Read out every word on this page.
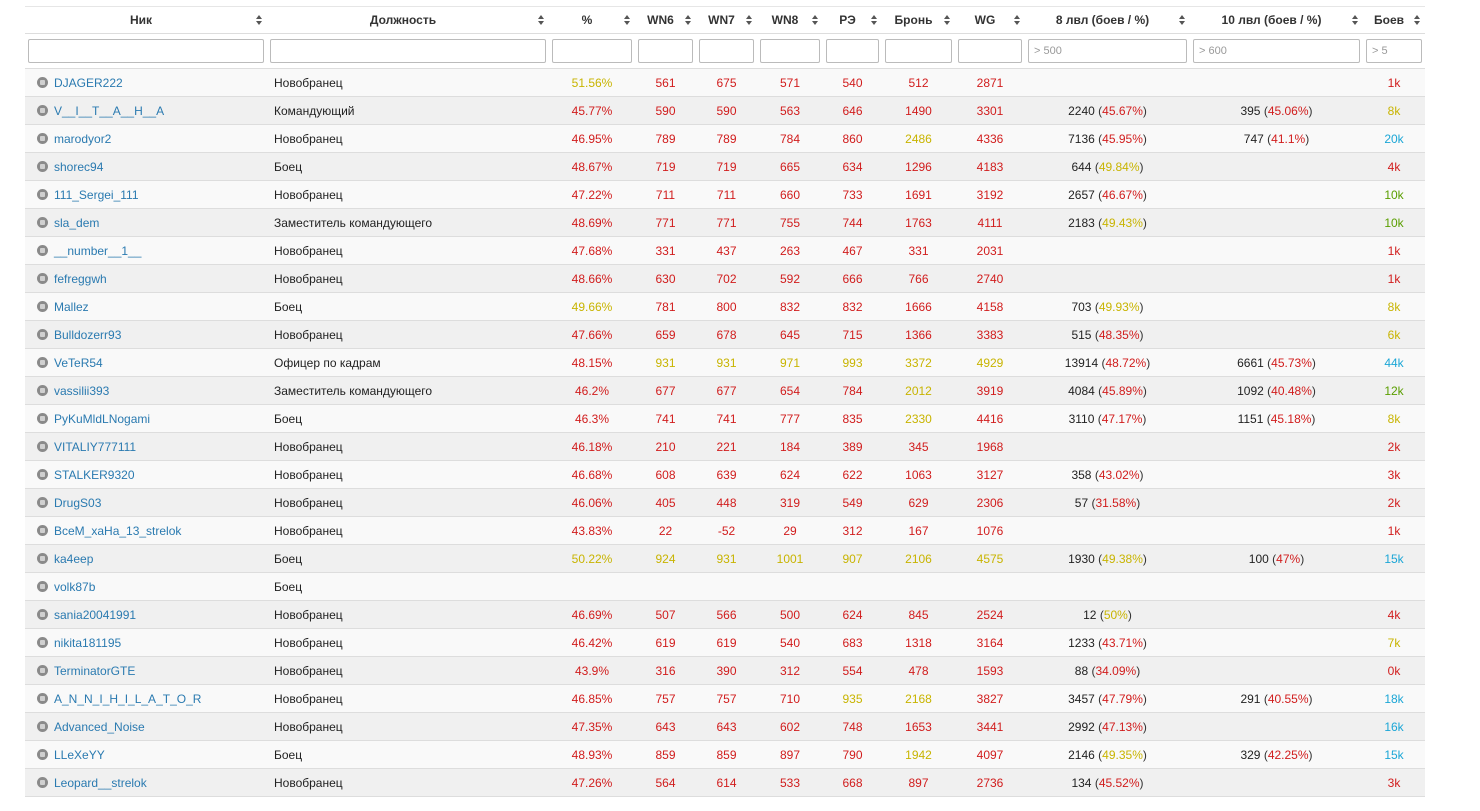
Ник	Должность	%	WN6	WN7	WN8	РЭ	Бронь	WG	8 лвл (боев / %)	10 лвл (боев / %)	Боев

									> 500	> 600	> 5
DJAGER222	Новобранец	51.56%	561	675	571	540	512	2871			1k
V__I__T__A__H__A	Командующий	45.77%	590	590	563	646	1490	3301	2240 (45.67%)	395 (45.06%)	8k
marodyor2	Новобранец	46.95%	789	789	784	860	2486	4336	7136 (45.95%)	747 (41.1%)	20k
shorec94	Боец	48.67%	719	719	665	634	1296	4183	644 (49.84%)		4k
111_Sergei_111	Новобранец	47.22%	711	711	660	733	1691	3192	2657 (46.67%)		10k
sla_dem	Заместитель командующего	48.69%	771	771	755	744	1763	4111	2183 (49.43%)		10k
__number__1__	Новобранец	47.68%	331	437	263	467	331	2031			1k
fefreggwh	Новобранец	48.66%	630	702	592	666	766	2740			1k
Mallez	Боец	49.66%	781	800	832	832	1666	4158	703 (49.93%)		8k
Bulldozerr93	Новобранец	47.66%	659	678	645	715	1366	3383	515 (48.35%)		6k
VeTeR54	Офицер по кадрам	48.15%	931	931	971	993	3372	4929	13914 (48.72%)	6661 (45.73%)	44k
vassilii393	Заместитель командующего	46.2%	677	677	654	784	2012	3919	4084 (45.89%)	1092 (40.48%)	12k
PyKuMldLNogami	Боец	46.3%	741	741	777	835	2330	4416	3110 (47.17%)	1151 (45.18%)	8k
VITALIY777111	Новобранец	46.18%	210	221	184	389	345	1968			2k
STALKER9320	Новобранец	46.68%	608	639	624	622	1063	3127	358 (43.02%)		3k
DrugS03	Новобранец	46.06%	405	448	319	549	629	2306	57 (31.58%)		2k
BceM_xaHa_13_strelok	Новобранец	43.83%	22	-52	29	312	167	1076			1k
ka4eep	Боец	50.22%	924	931	1001	907	2106	4575	1930 (49.38%)	100 (47%)	15k
volk87b	Боец										
sania20041991	Новобранец	46.69%	507	566	500	624	845	2524	12 (50%)		4k
nikita181195	Новобранец	46.42%	619	619	540	683	1318	3164	1233 (43.71%)		7k
TerminatorGTE	Новобранец	43.9%	316	390	312	554	478	1593	88 (34.09%)		0k
A_N_N_I_H_I_L_A_T_O_R	Новобранец	46.85%	757	757	710	935	2168	3827	3457 (47.79%)	291 (40.55%)	18k
Advanced_Noise	Новобранец	47.35%	643	643	602	748	1653	3441	2992 (47.13%)		16k
LLeXeYY	Боец	48.93%	859	859	897	790	1942	4097	2146 (49.35%)	329 (42.25%)	15k
Leopard__strelok	Новобранец	47.26%	564	614	533	668	897	2736	134 (45.52%)		3k
